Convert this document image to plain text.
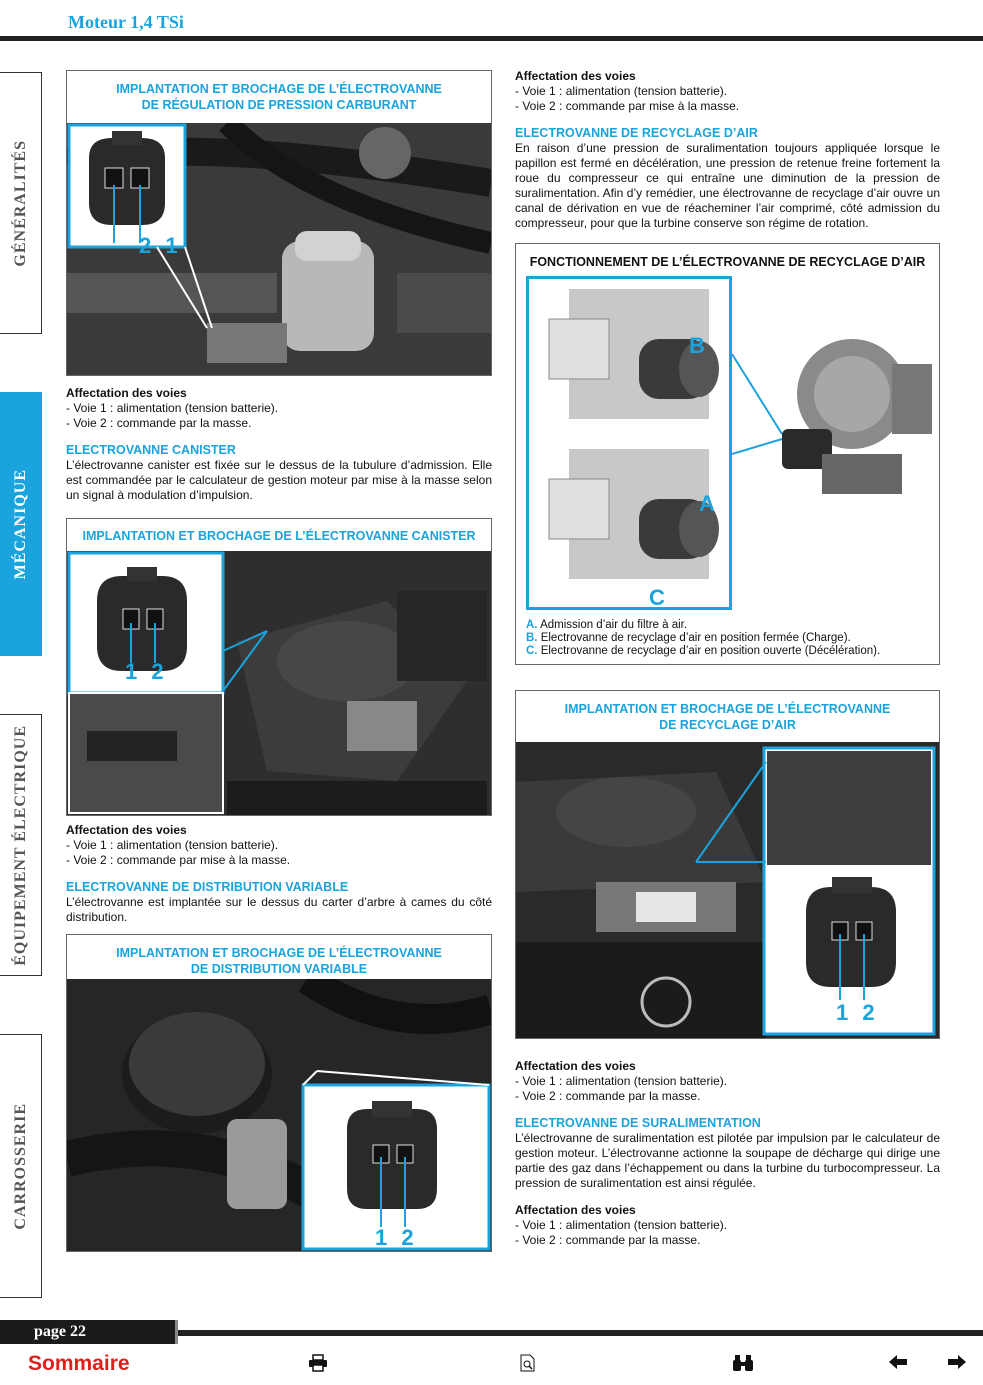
Moteur 1,4 TSi
GÉNÉRALITÉS
MÉCANIQUE
ÉQUIPEMENT ÉLECTRIQUE
CARROSSERIE
IMPLANTATION ET BROCHAGE DE L’ÉLECTROVANNE
DE RÉGULATION DE PRESSION CARBURANT
2 1
Affectation des voies
- Voie 1 : alimentation (tension batterie).
- Voie 2 : commande par la masse.
ELECTROVANNE CANISTER

L’électrovanne canister est fixée sur le dessus de la tubulure d’admission. Elle est commandée par le calculateur de gestion moteur par mise à la masse selon un signal à modulation d’impulsion.

IMPLANTATION ET BROCHAGE DE L’ÉLECTROVANNE CANISTER
1 2
Affectation des voies
- Voie 1 : alimentation (tension batterie).
- Voie 2 : commande par mise à la masse.
ELECTROVANNE DE DISTRIBUTION VARIABLE

L’électrovanne est implantée sur le dessus du carter d’arbre à cames du côté distribution.

IMPLANTATION ET BROCHAGE DE L’ÉLECTROVANNE
DE DISTRIBUTION VARIABLE
1 2
Affectation des voies
- Voie 1 : alimentation (tension batterie).
- Voie 2 : commande par mise à la masse.
ELECTROVANNE DE RECYCLAGE D’AIR

En raison d’une pression de suralimentation toujours appliquée lorsque le papillon est fermé en décélération, une pression de retenue freine fortement la roue du compresseur ce qui entraîne une diminution de la pression de suralimentation. Afin d’y remédier, une électrovanne de recyclage d’air ouvre un canal de dérivation en vue de réacheminer l’air comprimé, côté admission du compresseur, pour que la turbine conserve son régime de rotation.

FONCTIONNEMENT DE L’ÉLECTROVANNE DE RECYCLAGE D’AIR
B
A
C
A. Admission d’air du filtre à air.
B. Electrovanne de recyclage d’air en position fermée (Charge).
C. Electrovanne de recyclage d’air en position ouverte (Décélération).
IMPLANTATION ET BROCHAGE DE L’ÉLECTROVANNE
DE RECYCLAGE D’AIR
1 2
Affectation des voies
- Voie 1 : alimentation (tension batterie).
- Voie 2 : commande par la masse.
ELECTROVANNE DE SURALIMENTATION

L’électrovanne de suralimentation est pilotée par impulsion par le calculateur de gestion moteur. L’électrovanne actionne la soupape de décharge qui dirige une partie des gaz dans l’échappement ou dans la turbine du turbocompresseur. La pression de suralimentation est ainsi régulée.

Affectation des voies
- Voie 1 : alimentation (tension batterie).
- Voie 2 : commande par la masse.
page 22
Sommaire
